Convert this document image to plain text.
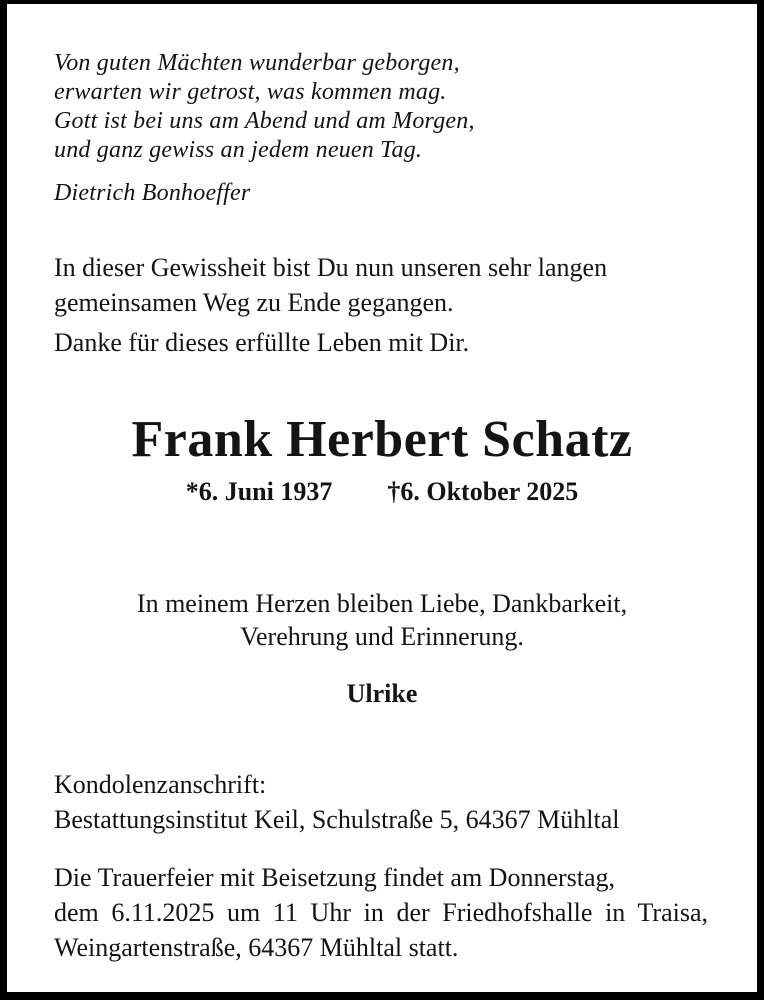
Von guten Mächten wunderbar geborgen,
erwarten wir getrost, was kommen mag.
Gott ist bei uns am Abend und am Morgen,
und ganz gewiss an jedem neuen Tag.
Dietrich Bonhoeffer
In dieser Gewissheit bist Du nun unseren sehr langen
gemeinsamen Weg zu Ende gegangen.
Danke für dieses erfüllte Leben mit Dir.
Frank Herbert Schatz
*6. Juni 1937 †6. Oktober 2025
In meinem Herzen bleiben Liebe, Dankbarkeit,
Verehrung und Erinnerung.
Ulrike
Kondolenzanschrift:
Bestattungsinstitut Keil, Schulstraße 5, 64367 Mühltal
Die Trauerfeier mit Beisetzung findet am Donnerstag,
dem 6.11.2025 um 11 Uhr in der Friedhofshalle in Traisa,
Weingartenstraße, 64367 Mühltal statt.
